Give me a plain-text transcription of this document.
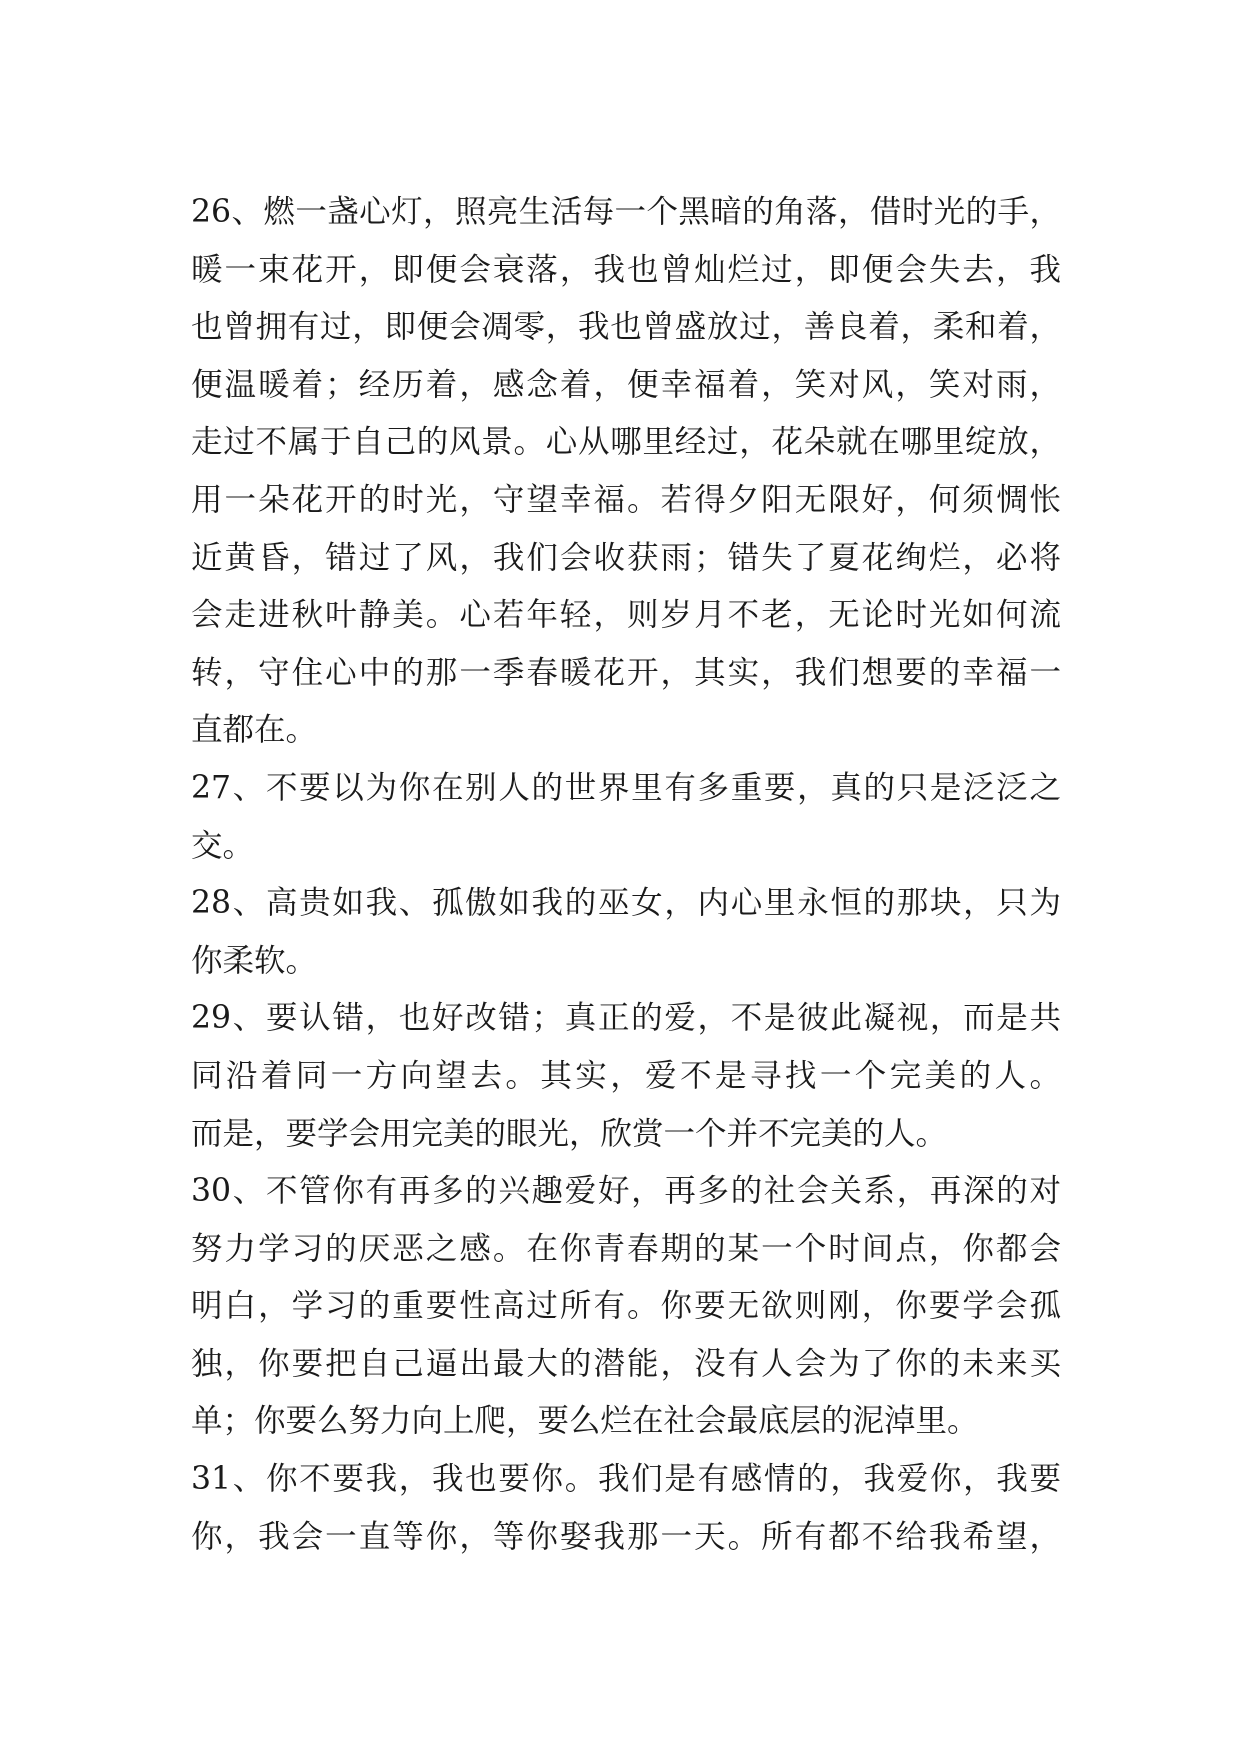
26、燃一盏心灯，照亮生活每一个黑暗的角落，借时光的手，
暖一束花开，即便会衰落，我也曾灿烂过，即便会失去，我
也曾拥有过，即便会凋零，我也曾盛放过，善良着，柔和着，
便温暖着；经历着，感念着，便幸福着，笑对风，笑对雨，
走过不属于自己的风景。心从哪里经过，花朵就在哪里绽放，
用一朵花开的时光，守望幸福。若得夕阳无限好，何须惆怅
近黄昏，错过了风，我们会收获雨；错失了夏花绚烂，必将
会走进秋叶静美。心若年轻，则岁月不老，无论时光如何流
转，守住心中的那一季春暖花开，其实，我们想要的幸福一
直都在。
27、不要以为你在别人的世界里有多重要，真的只是泛泛之
交。
28、高贵如我、孤傲如我的巫女，内心里永恒的那块，只为
你柔软。
29、要认错，也好改错；真正的爱，不是彼此凝视，而是共
同沿着同一方向望去。其实，爱不是寻找一个完美的人。
而是，要学会用完美的眼光，欣赏一个并不完美的人。
30、不管你有再多的兴趣爱好，再多的社会关系，再深的对
努力学习的厌恶之感。在你青春期的某一个时间点，你都会
明白，学习的重要性高过所有。你要无欲则刚，你要学会孤
独，你要把自己逼出最大的潜能，没有人会为了你的未来买
单；你要么努力向上爬，要么烂在社会最底层的泥淖里。
31、你不要我，我也要你。我们是有感情的，我爱你，我要
你，我会一直等你，等你娶我那一天。所有都不给我希望，
